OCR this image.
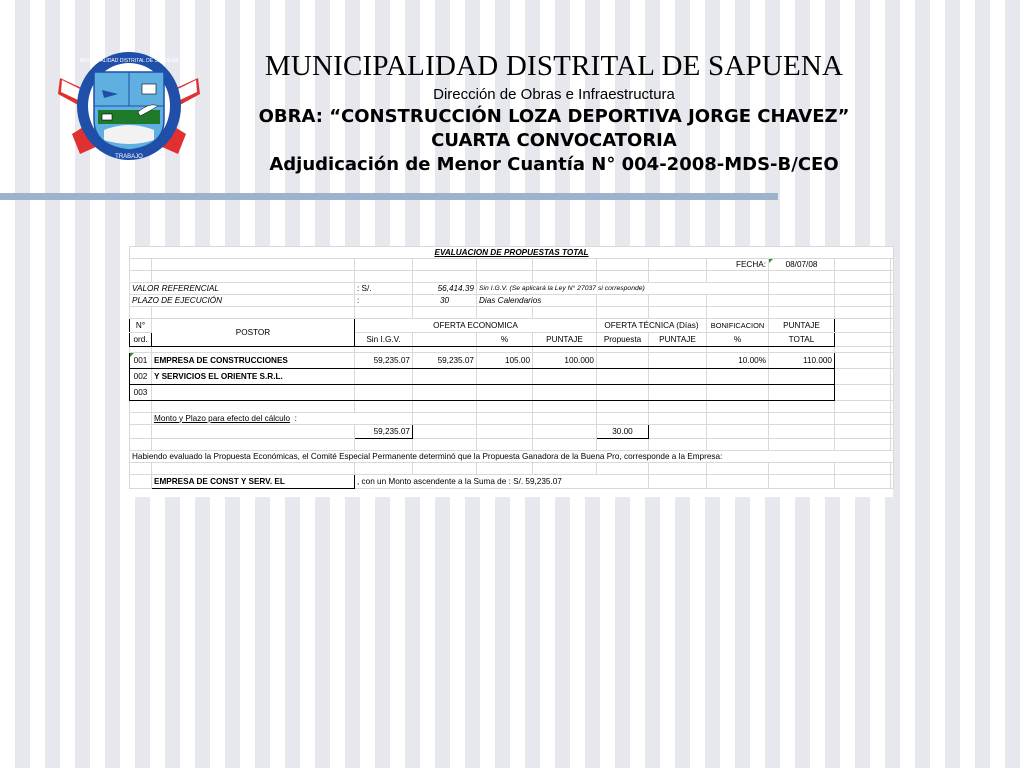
MUNICIPALIDAD DISTRITAL DE SAPUENA
TRABAJO
MUNICIPALIDAD DISTRITAL DE SAPUENA
Dirección de Obras e Infraestructura
OBRA: “CONSTRUCCIÓN LOZA DEPORTIVA JORGE CHAVEZ”
CUARTA CONVOCATORIA
Adjudicación de Menor Cuantía N° 004-2008-MDS-B/CEO
EVALUACION DE PROPUESTAS TOTAL											
								FECHA:	08/07/08		

VALOR REFERENCIAL		: S/.	56,414.39	Sin I.G.V. (Se aplicará la Ley N° 27037 si corresponde)							
PLAZO DE EJECUCIÓN		:	30	Dias Calendarios							

N°	POSTOR	OFERTA ECONOMICA				OFERTA TÉCNICA (Días)		BONIFICACION	PUNTAJE		
ord.		Sin I.G.V.		%	PUNTAJE	Propuesta	PUNTAJE	%	TOTAL		

001	EMPRESA DE CONSTRUCCIONES	59,235.07	59,235.07	105.00	100.000			10.00%	110.000		
002	Y SERVICIOS EL ORIENTE S.R.L.										
003											

	Monto y Plazo para efecto del cálculo :										
		59,235.07				30.00					

Habiendo evaluado la Propuesta Económicas, el Comité Especial Permanente determinó que la Propuesta Ganadora de la Buena Pro, corresponde a la Empresa:											

	EMPRESA DE CONST Y SERV. EL	, con un Monto ascendente a la Suma de : S/. 59,235.07									
